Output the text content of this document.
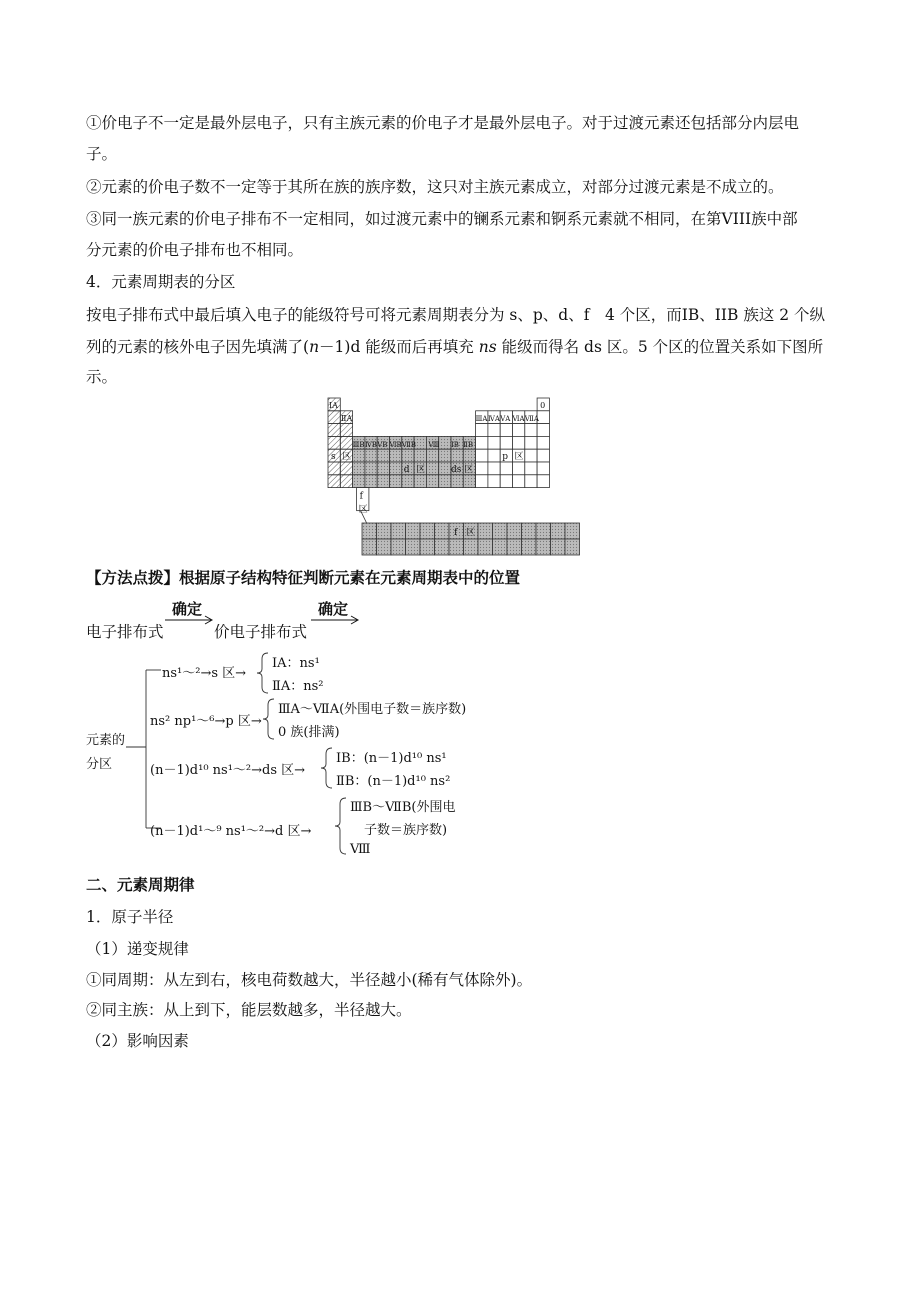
①价电子不一定是最外层电子，只有主族元素的价电子才是最外层电子。对于过渡元素还包括部分内层电
子。
②元素的价电子数不一定等于其所在族的族序数，这只对主族元素成立，对部分过渡元素是不成立的。
③同一族元素的价电子排布不一定相同，如过渡元素中的镧系元素和锕系元素就不相同，在第VIII族中部
分元素的价电子排布也不相同。
4．元素周期表的分区
按电子排布式中最后填入电子的能级符号可将元素周期表分为 s、p、d、f　4 个区，而IB、IIB 族这 2 个纵
列的元素的核外电子因先填满了(n－1)d 能级而后再填充 ns 能级而得名 ds 区。5 个区的位置关系如下图所
示。
ⅠA
ⅡA
0
ⅢA ⅣA ⅤA ⅥA ⅦA
ⅢB ⅣB ⅤB ⅥB ⅦB Ⅷ ⅠB ⅡB
s 区	p 区
d 区	ds 区
f
区
f 区
【方法点拨】根据原子结构特征判断元素在元素周期表中的位置
电子排布式
确定
价电子排布式
确定
元素的
分区
ns¹～²→s 区→
ⅠA：ns¹
ⅡA：ns²
ns² np¹～⁶→p 区→
ⅢA～ⅦA(外围电子数＝族序数)
0 族(排满)
(n－1)d¹⁰ ns¹～²→ds 区→
ⅠB：(n－1)d¹⁰ ns¹
ⅡB：(n－1)d¹⁰ ns²
(n－1)d¹～⁹ ns¹～²→d 区→
ⅢB～ⅦB(外围电
子数＝族序数)
Ⅷ
二、元素周期律
1．原子半径
（1）递变规律
①同周期：从左到右，核电荷数越大，半径越小(稀有气体除外)。
②同主族：从上到下，能层数越多，半径越大。
（2）影响因素
